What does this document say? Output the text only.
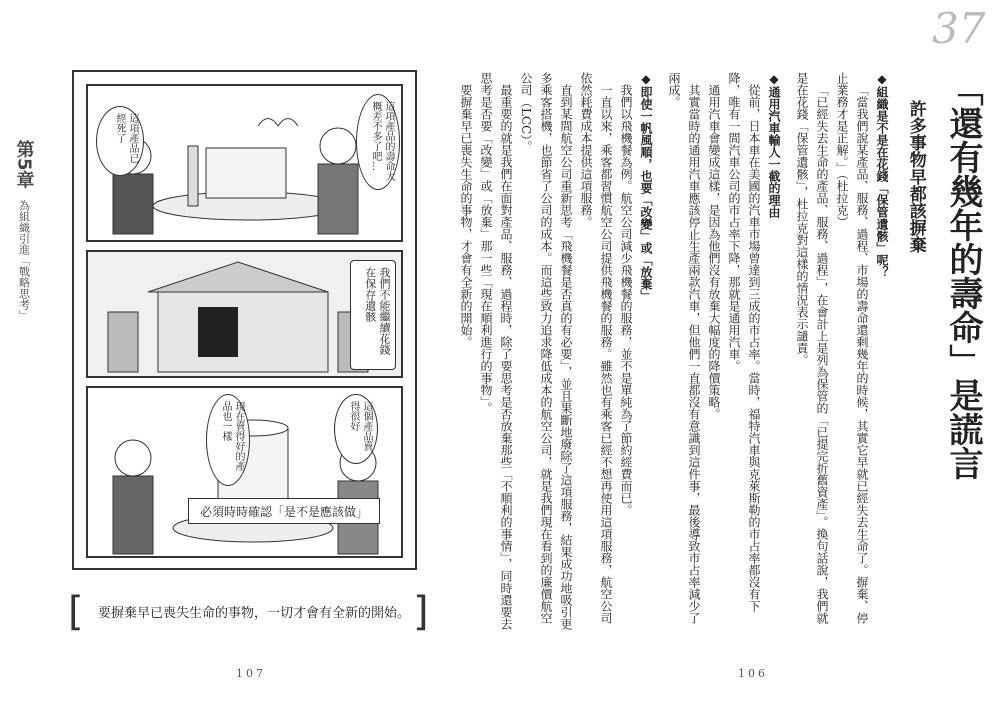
第5章 為組織引進「戰略思考」
這項產品已經死了	這項產品的壽命大概差不多了吧…
我們不能繼續花錢在保存遺骸
現在賣得好的產品也一樣	這個產品賣得很好
必須時時確認「是不是應該做」
[ 要摒棄早已喪失生命的事物，一切才會有全新的開始。 ]
107
37
「還有幾年的壽命」是謊言
許多事物早都該摒棄
◆組織是不是在花錢「保管遺骸」呢？

「當我們說某產品、服務、過程、市場的壽命還剩幾年的時候，其實它早就已經失去生命了。摒棄、停止業務才是正解。」（杜拉克）

「已經失去生命的產品、服務、過程」，在會計上是列為保管的「已提完折舊資產」。換句話說，我們就是在花錢「保管遺骸」，杜拉克對這樣的情況表示譴責。

◆通用汽車輸人一截的理由

從前，日本車在美國的汽車市場曾達到三成的市占率。當時，福特汽車與克萊斯勒的市占率都沒有下降，唯有一間汽車公司的市占率下降，那就是通用汽車。

通用汽車會變成這樣，是因為他們沒有放棄大幅度的降價策略。

其實當時的通用汽車應該停止生產兩款汽車，但他們一直都沒有意識到這件事，最後導致市占率減少了兩成。

◆即使一帆風順，也要「改變」或「放棄」

我們以飛機餐為例。航空公司減少飛機餐的服務，並不是單純為了節約經費而已。

一直以來，乘客都習慣航空公司提供飛機餐的服務。雖然也有乘客已經不想再使用這項服務，航空公司依然耗費成本提供這項服務。

直到某間航空公司重新思考「飛機餐是否真的有必要」，並且果斷地廢除了這項服務，結果成功地吸引更多乘客搭機，也節省了公司的成本。而這些致力追求降低成本的航空公司，就是我們現在看到的廉價航空公司（LCC）。

最重要的就是我們在面對產品、服務、過程時，除了要思考是否放棄那些「不順利的事情」，同時還要去思考是否要「改變」或「放棄」那一些「現在順利進行的事物」。

要摒棄早已喪失生命的事物，才會有全新的開始。

106
